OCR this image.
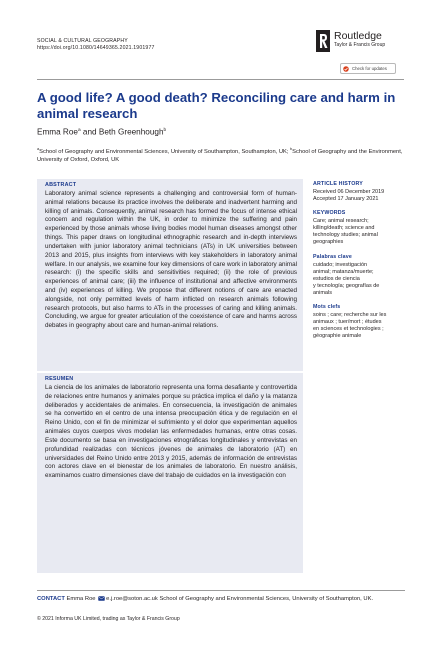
SOCIAL & CULTURAL GEOGRAPHY
https://doi.org/10.1080/14649365.2021.1901977
Routledge
Taylor & Francis Group
Check for updates
A good life? A good death? Reconciling care and harm in animal research
Emma Roe$^a$ and Beth Greenhough$^b$
$^a$School of Geography and Environmental Sciences, University of Southampton, Southampton, UK; $^b$School of Geography and the Environment, University of Oxford, Oxford, UK
ABSTRACT

Laboratory animal science represents a challenging and controversial form of human-animal relations because its practice involves the deliberate and inadvertent harming and killing of animals. Consequently, animal research has formed the focus of intense ethical concern and regulation within the UK, in order to minimize the suffering and pain experienced by those animals whose living bodies model human diseases amongst other things. This paper draws on longitudinal ethnographic research and in-depth interviews undertaken with junior laboratory animal technicians (ATs) in UK universities between 2013 and 2015, plus insights from interviews with key stakeholders in laboratory animal welfare. In our analysis, we examine four key dimensions of care work in laboratory animal research: (i) the specific skills and sensitivities required; (ii) the role of previous experiences of animal care; (iii) the influence of institutional and affective environments and (iv) experiences of killing. We propose that different notions of care are enacted alongside, not only permitted levels of harm inflicted on research animals following research protocols, but also harms to ATs in the processes of caring and killing animals. Concluding, we argue for greater articulation of the coexistence of care and harms across debates in geography about care and human-animal relations.

RESUMEN

La ciencia de los animales de laboratorio representa una forma desafiante y controvertida de relaciones entre humanos y animales porque su práctica implica el daño y la matanza deliberados y accidentales de animales. En consecuencia, la investigación de animales se ha convertido en el centro de una intensa preocupación ética y de regulación en el Reino Unido, con el fin de minimizar el sufrimiento y el dolor que experimentan aquellos animales cuyos cuerpos vivos modelan las enfermedades humanas, entre otras cosas. Este documento se basa en investigaciones etnográficas longitudinales y entrevistas en profundidad realizadas con técnicos jóvenes de animales de laboratorio (AT) en universidades del Reino Unido entre 2013 y 2015, además de información de entrevistas con actores clave en el bienestar de los animales de laboratorio. En nuestro análisis, examinamos cuatro dimensiones clave del trabajo de cuidados en la investigación con

ARTICLE HISTORY
Received 06 December 2019
Accepted 17 January 2021
KEYWORDS
Care; animal research;
killing/death; science and
technology studies; animal
geographies
Palabras clave
cuidado; investigación
animal; matanza/muerte;
estudios de ciencia
y tecnología; geografías de
animals
Mots clefs
soins ; care; recherche sur les
animaux ; tuer/mort ; études
en sciences et technologies ;
géographie animale
CONTACT Emma Roe e.j.roe@soton.ac.uk School of Geography and Environmental Sciences, University of Southampton, UK.
© 2021 Informa UK Limited, trading as Taylor & Francis Group
